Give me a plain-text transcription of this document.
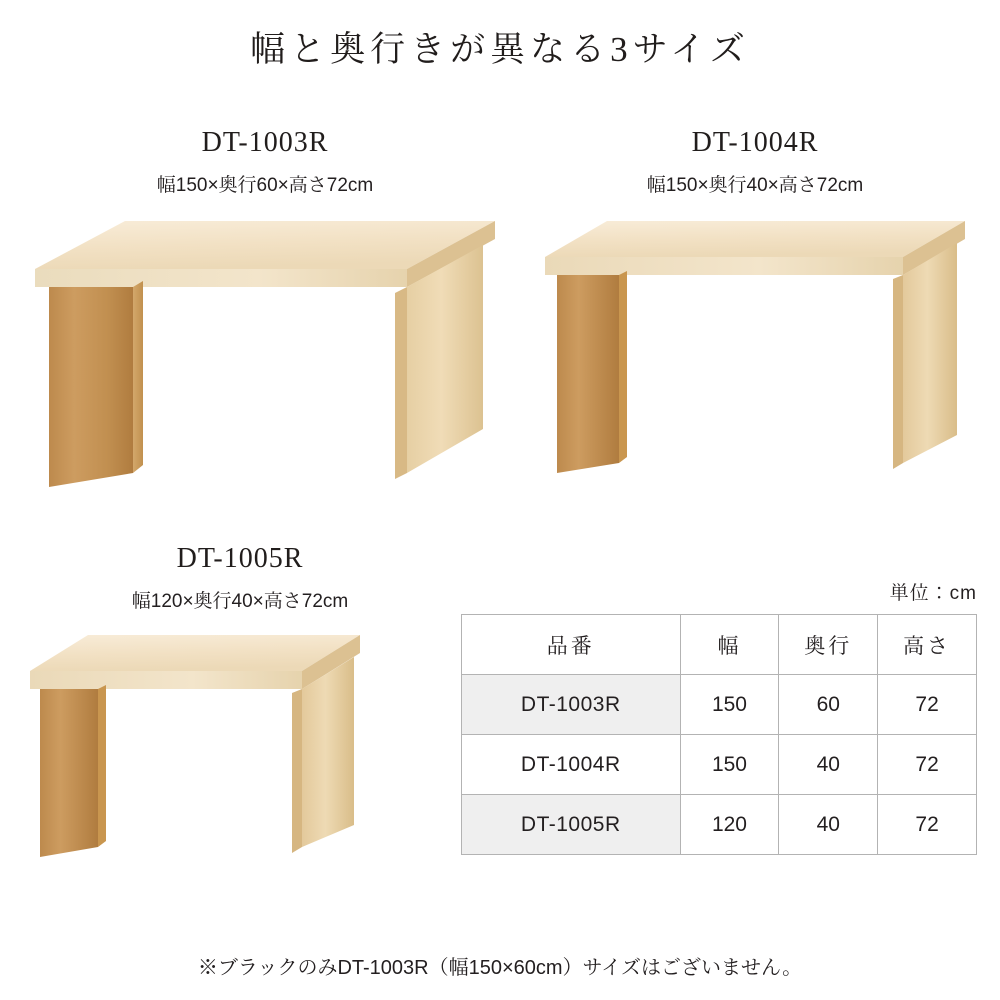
幅と奥行きが異なる3サイズ
DT-1003R
幅150×奥行60×高さ72cm
DT-1004R
幅150×奥行40×高さ72cm
DT-1005R
幅120×奥行40×高さ72cm	単位：cm
品番	幅	奥行	高さ
DT-1003R	150	60	72
DT-1004R	150	40	72
DT-1005R	120	40	72
※ブラックのみDT-1003R（幅150×60cm）サイズはございません。
